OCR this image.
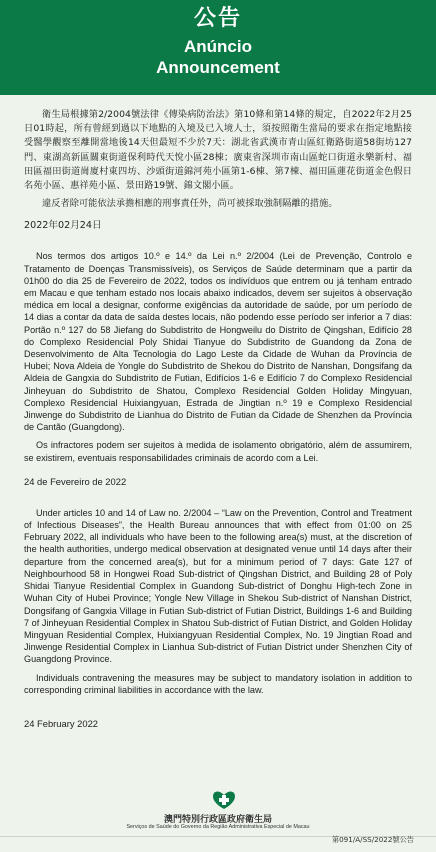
公告
Anúncio
Announcement

衛生局根據第2/2004號法律《傳染病防治法》第10條和第14條的規定，自2022年2月25日01時起，所有曾經到過以下地點的入境及已入境人士，須按照衛生當局的要求在指定地點接受醫學觀察至離開當地後14天但最短不少於7天：湖北省武漢市青山區紅衛路街道58街坊127門、東湖高新區關東街道保利時代天悅小區28棟；廣東省深圳市南山區蛇口街道永樂新村、福田區福田街道崗廈村東四坊、沙頭街道錦河苑小區第1-6棟、第7棟、福田區蓮花街道金色假日名苑小區、惠祥苑小區、景田路19號、錦文閣小區。

違反者除可能依法承擔相應的刑事責任外，尚可被採取強制隔離的措施。

2022年02月24日

Nos termos dos artigos 10.º e 14.º da Lei n.º 2/2004 (Lei de Prevenção, Controlo e Tratamento de Doenças Transmissíveis), os Serviços de Saúde determinam que a partir da 01h00 do dia 25 de Fevereiro de 2022, todos os indivíduos que entrem ou já tenham entrado em Macau e que tenham estado nos locais abaixo indicados, devem ser sujeitos à observação médica em local a designar, conforme exigências da autoridade de saúde, por um período de 14 dias a contar da data de saída destes locais, não podendo esse período ser inferior a 7 dias: Portão n.º 127 do 58 Jiefang do Subdistrito de Hongweilu do Distrito de Qingshan, Edifício 28 do Complexo Residencial Poly Shidai Tianyue do Subdistrito de Guandong da Zona de Desenvolvimento de Alta Tecnologia do Lago Leste da Cidade de Wuhan da Província de Hubei; Nova Aldeia de Yongle do Subdistrito de Shekou do Distrito de Nanshan, Dongsifang da Aldeia de Gangxia do Subdistrito de Futian, Edifícios 1-6 e Edifício 7 do Complexo Residencial Jinheyuan do Subdistrito de Shatou, Complexo Residencial Golden Holiday Mingyuan, Complexo Residencial Huixiangyuan, Estrada de Jingtian n.º 19 e Complexo Residencial Jinwenge do Subdistrito de Lianhua do Distrito de Futian da Cidade de Shenzhen da Província de Cantão (Guangdong).

Os infractores podem ser sujeitos à medida de isolamento obrigatório, além de assumirem, se existirem, eventuais responsabilidades criminais de acordo com a Lei.

24 de Fevereiro de 2022

Under articles 10 and 14 of Law no. 2/2004 – “Law on the Prevention, Control and Treatment of Infectious Diseases”, the Health Bureau announces that with effect from 01:00 on 25 February 2022, all individuals who have been to the following area(s) must, at the discretion of the health authorities, undergo medical observation at designated venue until 14 days after their departure from the concerned area(s), but for a minimum period of 7 days: Gate 127 of Neighbourhood 58 in Hongwei Road Sub-district of Qingshan District, and Building 28 of Poly Shidai Tianyue Residential Complex in Guandong Sub-district of Donghu High-tech Zone in Wuhan City of Hubei Province; Yongle New Village in Shekou Sub-district of Nanshan District, Dongsifang of Gangxia Village in Futian Sub-district of Futian District, Buildings 1-6 and Building 7 of Jinheyuan Residential Complex in Shatou Sub-district of Futian District, and Golden Holiday Mingyuan Residential Complex, Huixiangyuan Residential Complex, No. 19 Jingtian Road and Jinwenge Residential Complex in Lianhua Sub-district of Futian District under Shenzhen City of Guangdong Province.

Individuals contravening the measures may be subject to mandatory isolation in addition to corresponding criminal liabilities in accordance with the law.

24 February 2022

澳門特別行政區政府衛生局
Serviços de Saúde do Governo da Região Administrativa Especial de Macau
第091/A/SS/2022號公告
